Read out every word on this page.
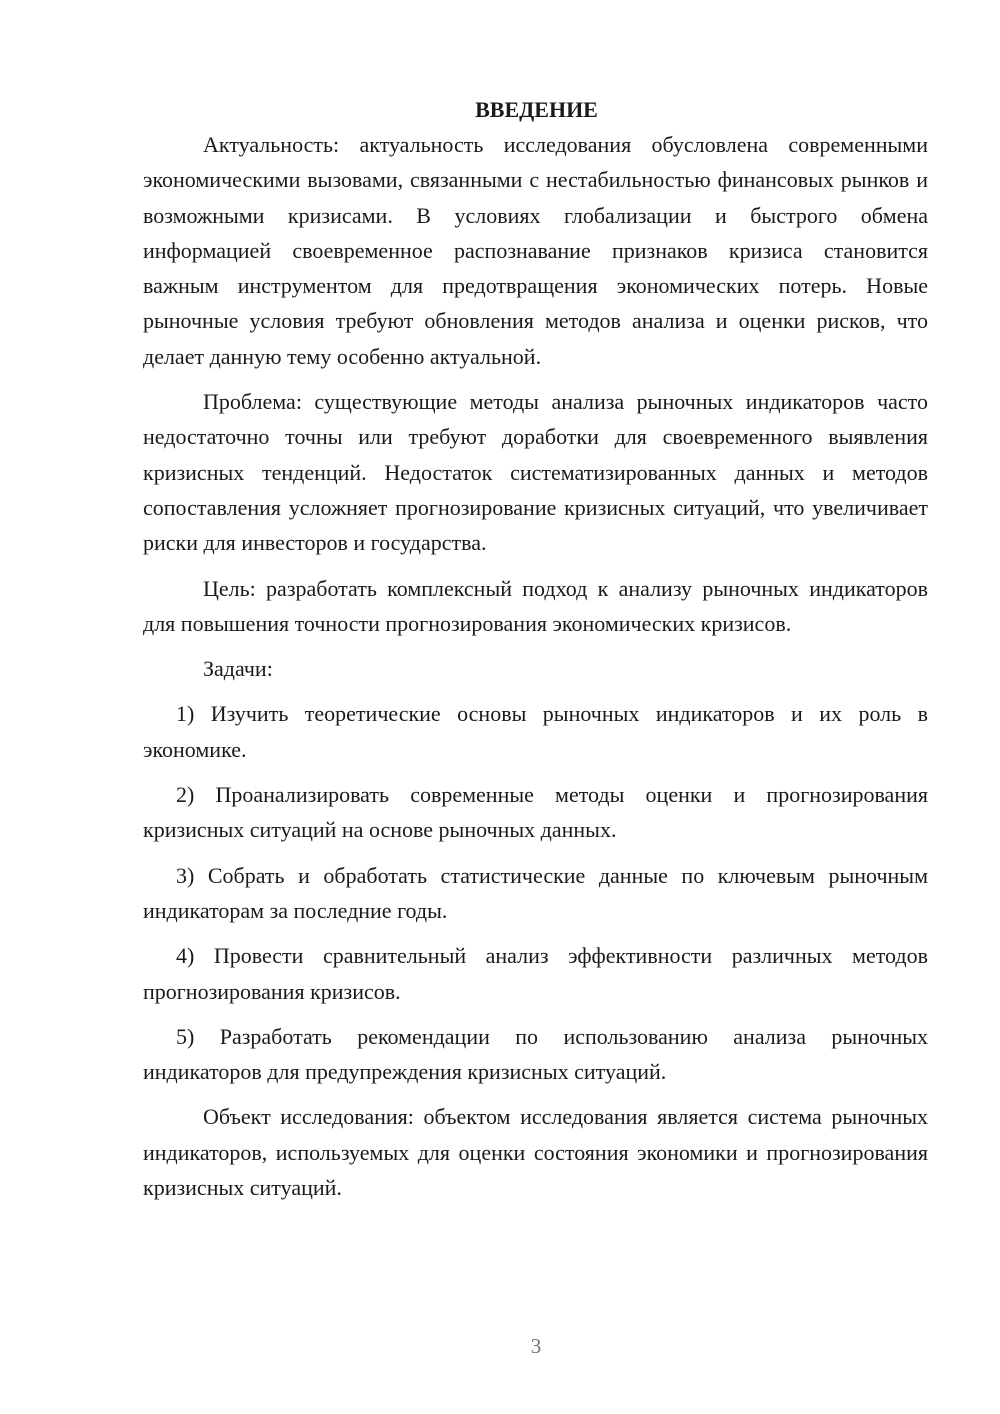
ВВЕДЕНИЕ

Актуальность: актуальность исследования обусловлена современными экономическими вызовами, связанными с нестабильностью финансовых рынков и возможными кризисами. В условиях глобализации и быстрого обмена информацией своевременное распознавание признаков кризиса становится важным инструментом для предотвращения экономических потерь. Новые рыночные условия требуют обновления методов анализа и оценки рисков, что делает данную тему особенно актуальной.

Проблема: существующие методы анализа рыночных индикаторов часто недостаточно точны или требуют доработки для своевременного выявления кризисных тенденций. Недостаток систематизированных данных и методов сопоставления усложняет прогнозирование кризисных ситуаций, что увеличивает риски для инвесторов и государства.

Цель: разработать комплексный подход к анализу рыночных индикаторов для повышения точности прогнозирования экономических кризисов.

Задачи:

1) Изучить теоретические основы рыночных индикаторов и их роль в экономике.

2) Проанализировать современные методы оценки и прогнозирования кризисных ситуаций на основе рыночных данных.

3) Собрать и обработать статистические данные по ключевым рыночным индикаторам за последние годы.

4) Провести сравнительный анализ эффективности различных методов прогнозирования кризисов.

5) Разработать рекомендации по использованию анализа рыночных индикаторов для предупреждения кризисных ситуаций.

Объект исследования: объектом исследования является система рыночных индикаторов, используемых для оценки состояния экономики и прогнозирования кризисных ситуаций.

3
